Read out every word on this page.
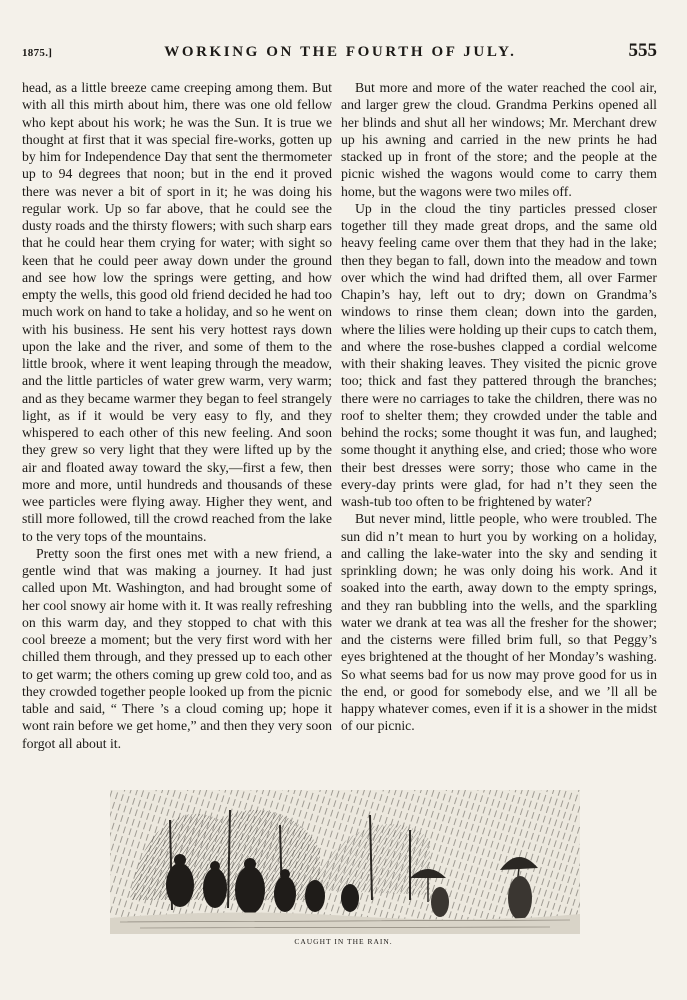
1875.]	WORKING ON THE FOURTH OF JULY.	555

head, as a little breeze came creeping among them. But with all this mirth about him, there was one old fellow who kept about his work; he was the Sun. It is true we thought at first that it was special fire-works, gotten up by him for Independence Day that sent the thermometer up to 94 degrees that noon; but in the end it proved there was never a bit of sport in it; he was doing his regular work. Up so far above, that he could see the dusty roads and the thirsty flowers; with such sharp ears that he could hear them crying for water; with sight so keen that he could peer away down under the ground and see how low the springs were getting, and how empty the wells, this good old friend decided he had too much work on hand to take a holiday, and so he went on with his business. He sent his very hottest rays down upon the lake and the river, and some of them to the little brook, where it went leaping through the meadow, and the little particles of water grew warm, very warm; and as they became warmer they began to feel strangely light, as if it would be very easy to fly, and they whispered to each other of this new feeling. And soon they grew so very light that they were lifted up by the air and floated away toward the sky,—first a few, then more and more, until hundreds and thousands of these wee particles were flying away. Higher they went, and still more followed, till the crowd reached from the lake to the very tops of the mountains.

Pretty soon the first ones met with a new friend, a gentle wind that was making a journey. It had just called upon Mt. Washington, and had brought some of her cool snowy air home with it. It was really refreshing on this warm day, and they stopped to chat with this cool breeze a moment; but the very first word with her chilled them through, and they pressed up to each other to get warm; the others coming up grew cold too, and as they crowded together people looked up from the picnic table and said, “ There ’s a cloud coming up; hope it wont rain before we get home,” and then they very soon forgot all about it.

But more and more of the water reached the cool air, and larger grew the cloud. Grandma Perkins opened all her blinds and shut all her windows; Mr. Merchant drew up his awning and carried in the new prints he had stacked up in front of the store; and the people at the picnic wished the wagons would come to carry them home, but the wagons were two miles off.

Up in the cloud the tiny particles pressed closer together till they made great drops, and the same old heavy feeling came over them that they had in the lake; then they began to fall, down into the meadow and town over which the wind had drifted them, all over Farmer Chapin’s hay, left out to dry; down on Grandma’s windows to rinse them clean; down into the garden, where the lilies were holding up their cups to catch them, and where the rose-bushes clapped a cordial welcome with their shaking leaves. They visited the picnic grove too; thick and fast they pattered through the branches; there were no carriages to take the children, there was no roof to shelter them; they crowded under the table and behind the rocks; some thought it was fun, and laughed; some thought it anything else, and cried; those who wore their best dresses were sorry; those who came in the every-day prints were glad, for had n’t they seen the wash-tub too often to be frightened by water?

But never mind, little people, who were troubled. The sun did n’t mean to hurt you by working on a holiday, and calling the lake-water into the sky and sending it sprinkling down; he was only doing his work. And it soaked into the earth, away down to the empty springs, and they ran bubbling into the wells, and the sparkling water we drank at tea was all the fresher for the shower; and the cisterns were filled brim full, so that Peggy’s eyes brightened at the thought of her Monday’s washing. So what seems bad for us now may prove good for us in the end, or good for somebody else, and we ’ll all be happy whatever comes, even if it is a shower in the midst of our picnic.

CAUGHT IN THE RAIN.
